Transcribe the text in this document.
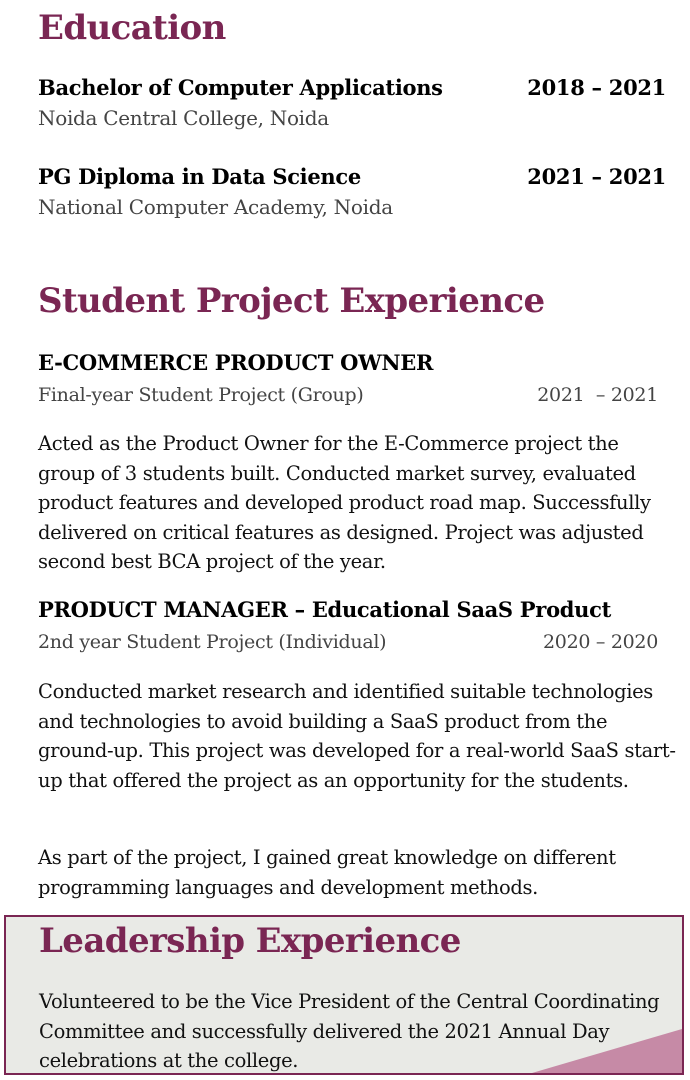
Education
Bachelor of Computer Applications	2018 – 2021
Noida Central College, Noida
PG Diploma in Data Science	2021 – 2021
National Computer Academy, Noida
Student Project Experience
E-COMMERCE PRODUCT OWNER
Final-year Student Project (Group)	2021  – 2021
Acted as the Product Owner for the E-Commerce project the group of 3 students built. Conducted market survey, evaluated product features and developed product road map. Successfully delivered on critical features as designed. Project was adjusted second best BCA project of the year.
PRODUCT MANAGER – Educational SaaS Product
2nd year Student Project (Individual)	2020 – 2020
Conducted market research and identified suitable technologies and technologies to avoid building a SaaS product from the ground-up. This project was developed for a real-world SaaS start-up that offered the project as an opportunity for the students.
As part of the project, I gained great knowledge on different programming languages and development methods.
Leadership Experience
Volunteered to be the Vice President of the Central Coordinating Committee and successfully delivered the 2021 Annual Day celebrations at the college.
